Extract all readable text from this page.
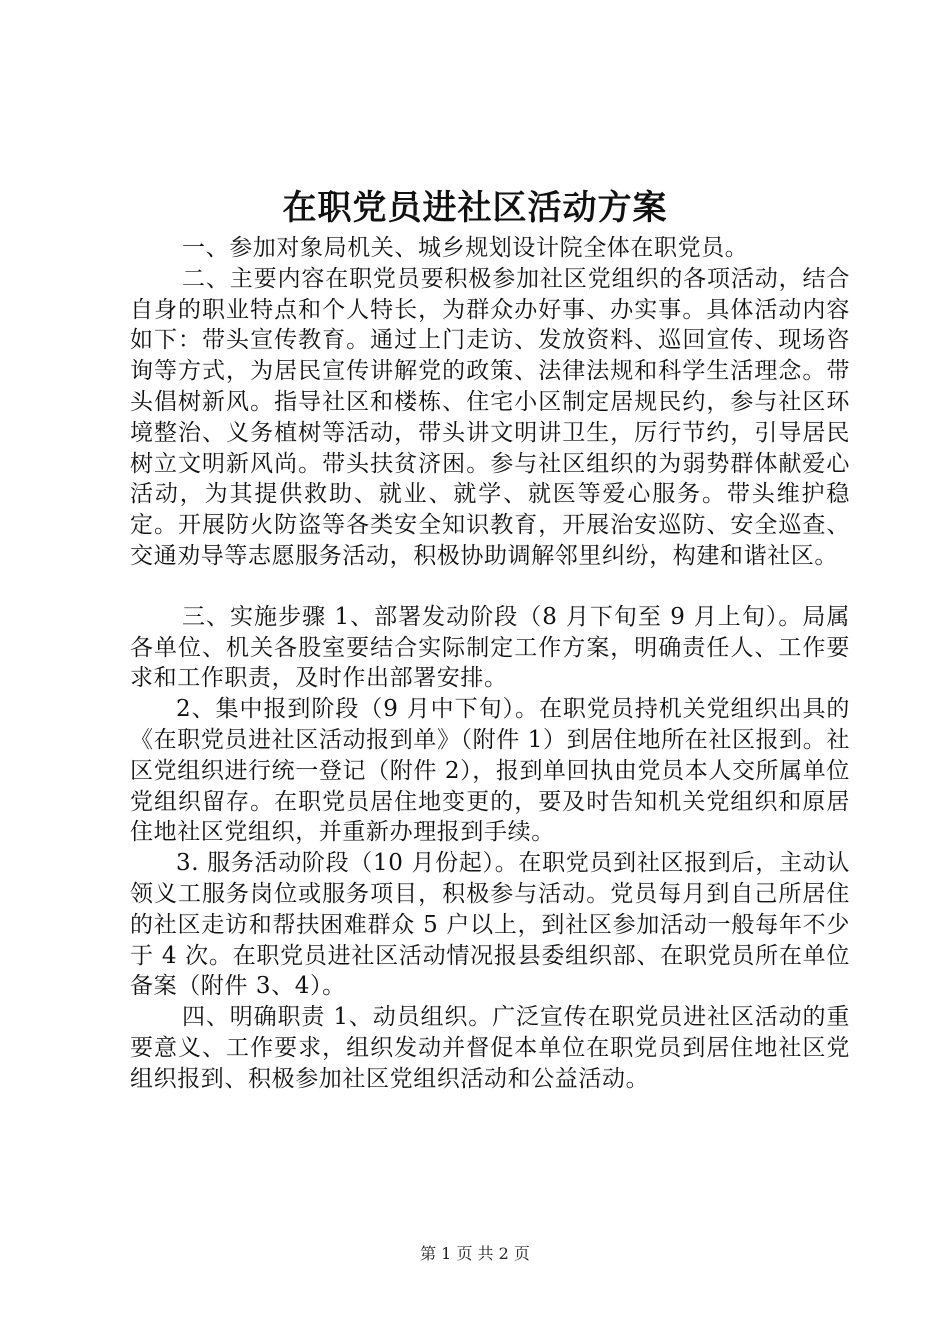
在职党员进社区活动方案

一、参加对象局机关、城乡规划设计院全体在职党员。

二、主要内容在职党员要积极参加社区党组织的各项活动，结合自身的职业特点和个人特长，为群众办好事、办实事。具体活动内容如下：带头宣传教育。通过上门走访、发放资料、巡回宣传、现场咨询等方式，为居民宣传讲解党的政策、法律法规和科学生活理念。带头倡树新风。指导社区和楼栋、住宅小区制定居规民约，参与社区环境整治、义务植树等活动，带头讲文明讲卫生，厉行节约，引导居民树立文明新风尚。带头扶贫济困。参与社区组织的为弱势群体献爱心活动，为其提供救助、就业、就学、就医等爱心服务。带头维护稳定。开展防火防盗等各类安全知识教育，开展治安巡防、安全巡查、交通劝导等志愿服务活动，积极协助调解邻里纠纷，构建和谐社区。

三、实施步骤 1、部署发动阶段（8 月下旬至 9 月上旬）。局属各单位、机关各股室要结合实际制定工作方案，明确责任人、工作要求和工作职责，及时作出部署安排。

2、集中报到阶段（9 月中下旬）。在职党员持机关党组织出具的《在职党员进社区活动报到单》（附件 1）到居住地所在社区报到。社区党组织进行统一登记（附件 2），报到单回执由党员本人交所属单位党组织留存。在职党员居住地变更的，要及时告知机关党组织和原居住地社区党组织，并重新办理报到手续。

3. 服务活动阶段（10 月份起）。在职党员到社区报到后，主动认领义工服务岗位或服务项目，积极参与活动。党员每月到自己所居住的社区走访和帮扶困难群众 5 户以上，到社区参加活动一般每年不少于 4 次。在职党员进社区活动情况报县委组织部、在职党员所在单位备案（附件 3、4）。

四、明确职责 1、动员组织。广泛宣传在职党员进社区活动的重要意义、工作要求，组织发动并督促本单位在职党员到居住地社区党组织报到、积极参加社区党组织活动和公益活动。

第 1 页 共 2 页
